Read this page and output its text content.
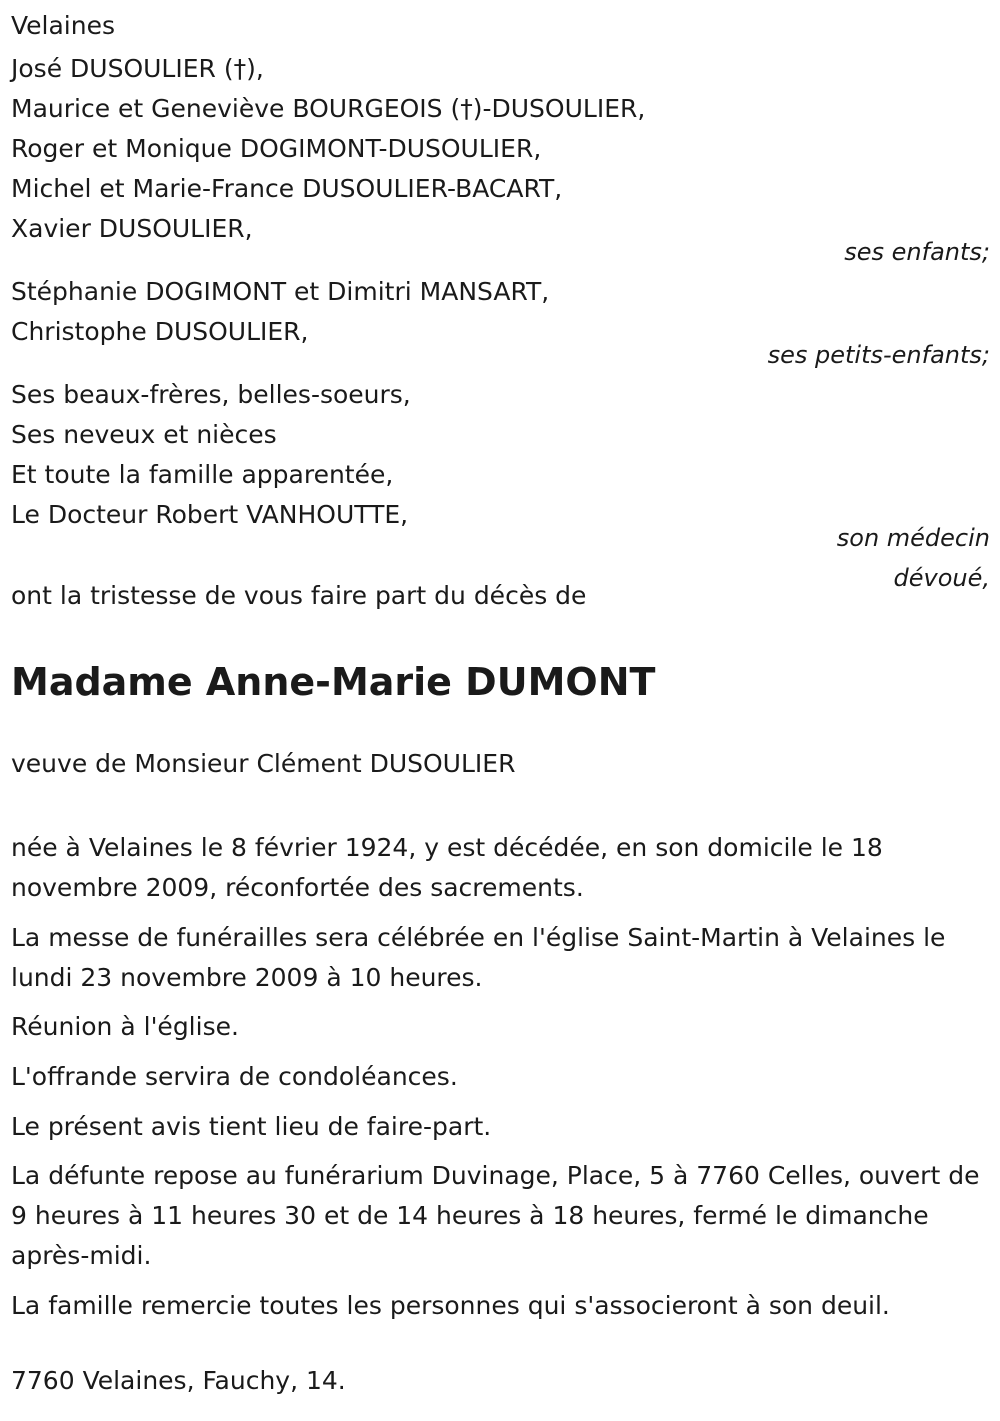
Velaines
José DUSOULIER (†),
Maurice et Geneviève BOURGEOIS (†)-DUSOULIER,
Roger et Monique DOGIMONT-DUSOULIER,
Michel et Marie-France DUSOULIER-BACART,
Xavier DUSOULIER,
ses enfants;
Stéphanie DOGIMONT et Dimitri MANSART,
Christophe DUSOULIER,
ses petits-enfants;
Ses beaux-frères, belles-soeurs,
Ses neveux et nièces
Et toute la famille apparentée,
Le Docteur Robert VANHOUTTE,
son médecin
dévoué,
ont la tristesse de vous faire part du décès de
Madame Anne-Marie DUMONT
veuve de Monsieur Clément DUSOULIER
née à Velaines le 8 février 1924, y est décédée, en son domicile le 18 novembre 2009, réconfortée des sacrements.
La messe de funérailles sera célébrée en l'église Saint-Martin à Velaines le lundi 23 novembre 2009 à 10 heures.
Réunion à l'église.
L'offrande servira de condoléances.
Le présent avis tient lieu de faire-part.
La défunte repose au funérarium Duvinage, Place, 5 à 7760 Celles, ouvert de 9 heures à 11 heures 30 et de 14 heures à 18 heures, fermé le dimanche après-midi.
La famille remercie toutes les personnes qui s'associeront à son deuil.
7760 Velaines, Fauchy, 14.
